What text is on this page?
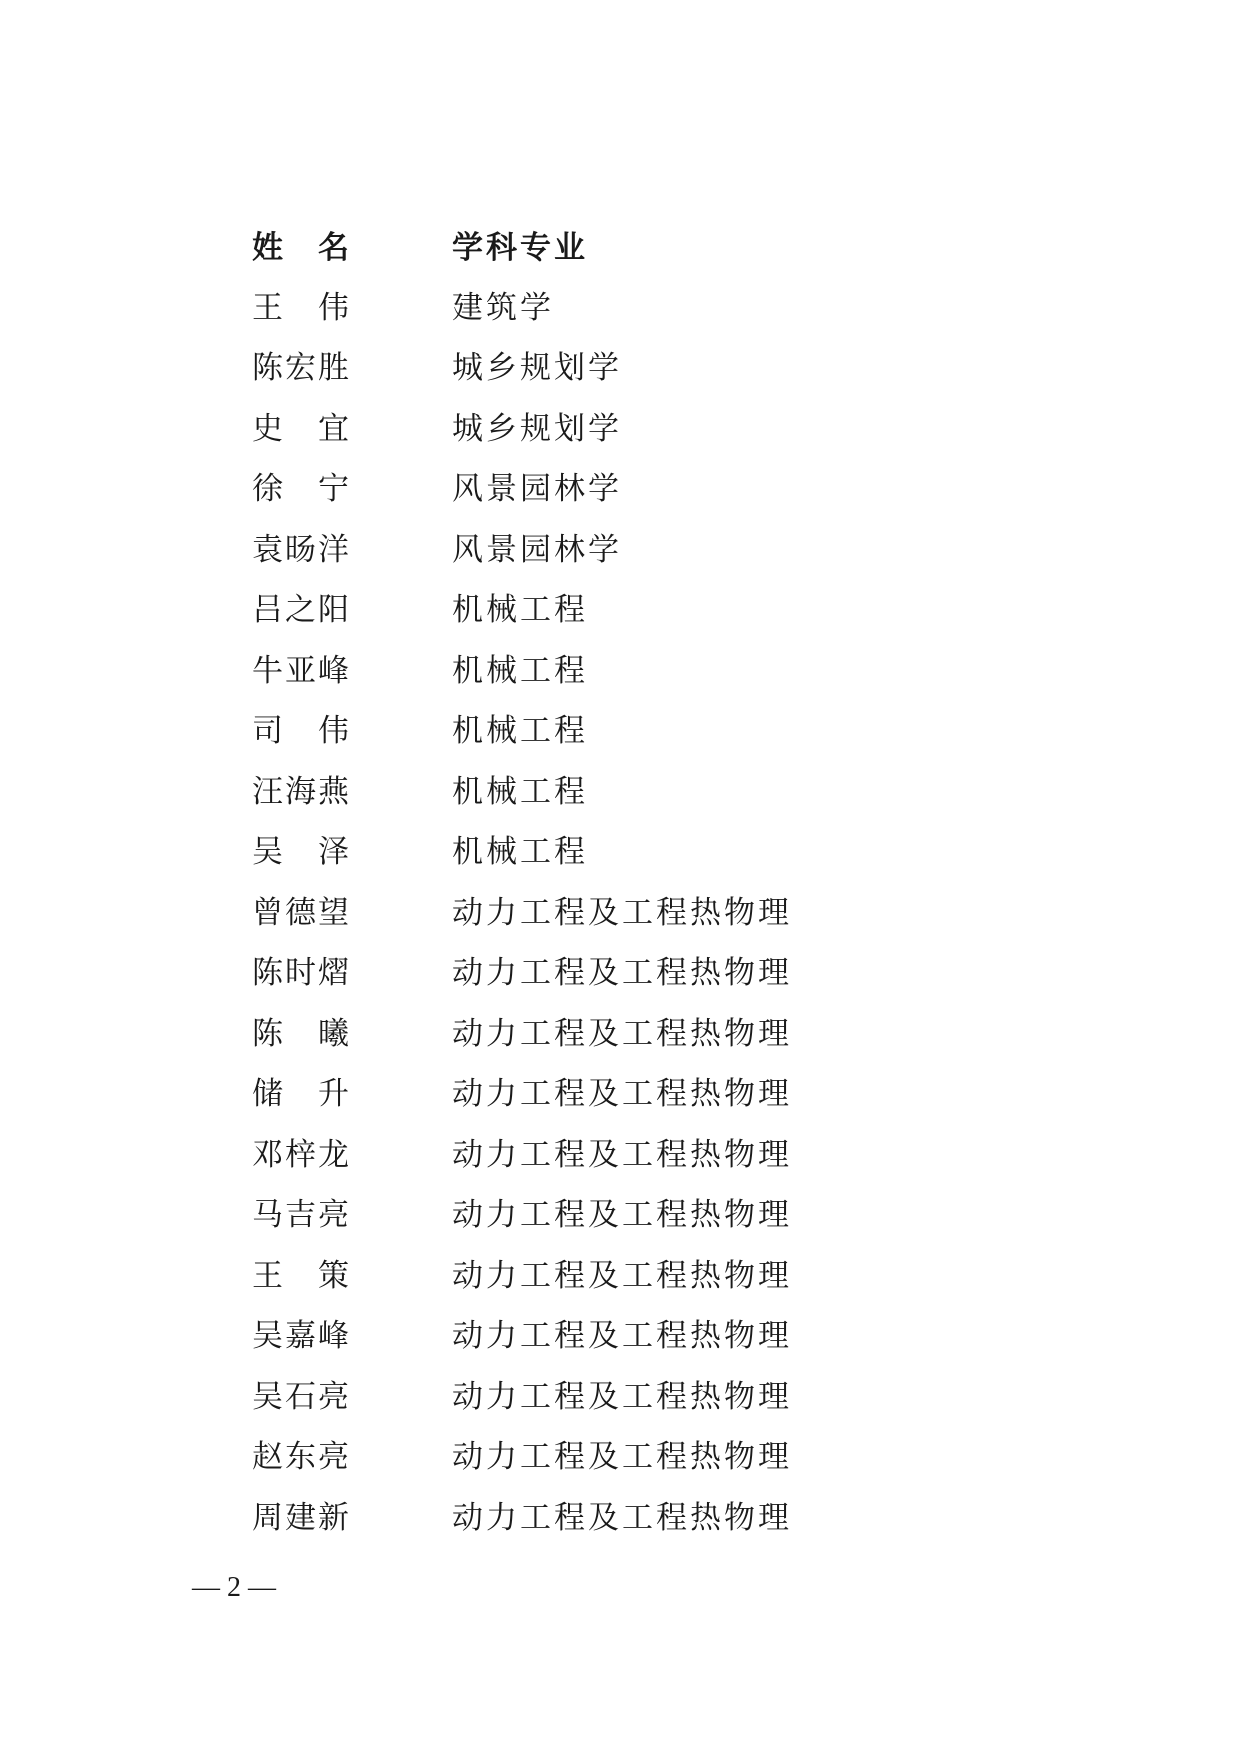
姓　名	学科专业
王　伟	建筑学
陈宏胜	城乡规划学
史　宜	城乡规划学
徐　宁	风景园林学
袁旸洋	风景园林学
吕之阳	机械工程
牛亚峰	机械工程
司　伟	机械工程
汪海燕	机械工程
吴　泽	机械工程
曾德望	动力工程及工程热物理
陈时熠	动力工程及工程热物理
陈　曦	动力工程及工程热物理
储　升	动力工程及工程热物理
邓梓龙	动力工程及工程热物理
马吉亮	动力工程及工程热物理
王　策	动力工程及工程热物理
吴嘉峰	动力工程及工程热物理
吴石亮	动力工程及工程热物理
赵东亮	动力工程及工程热物理
周建新	动力工程及工程热物理
— 2 —
